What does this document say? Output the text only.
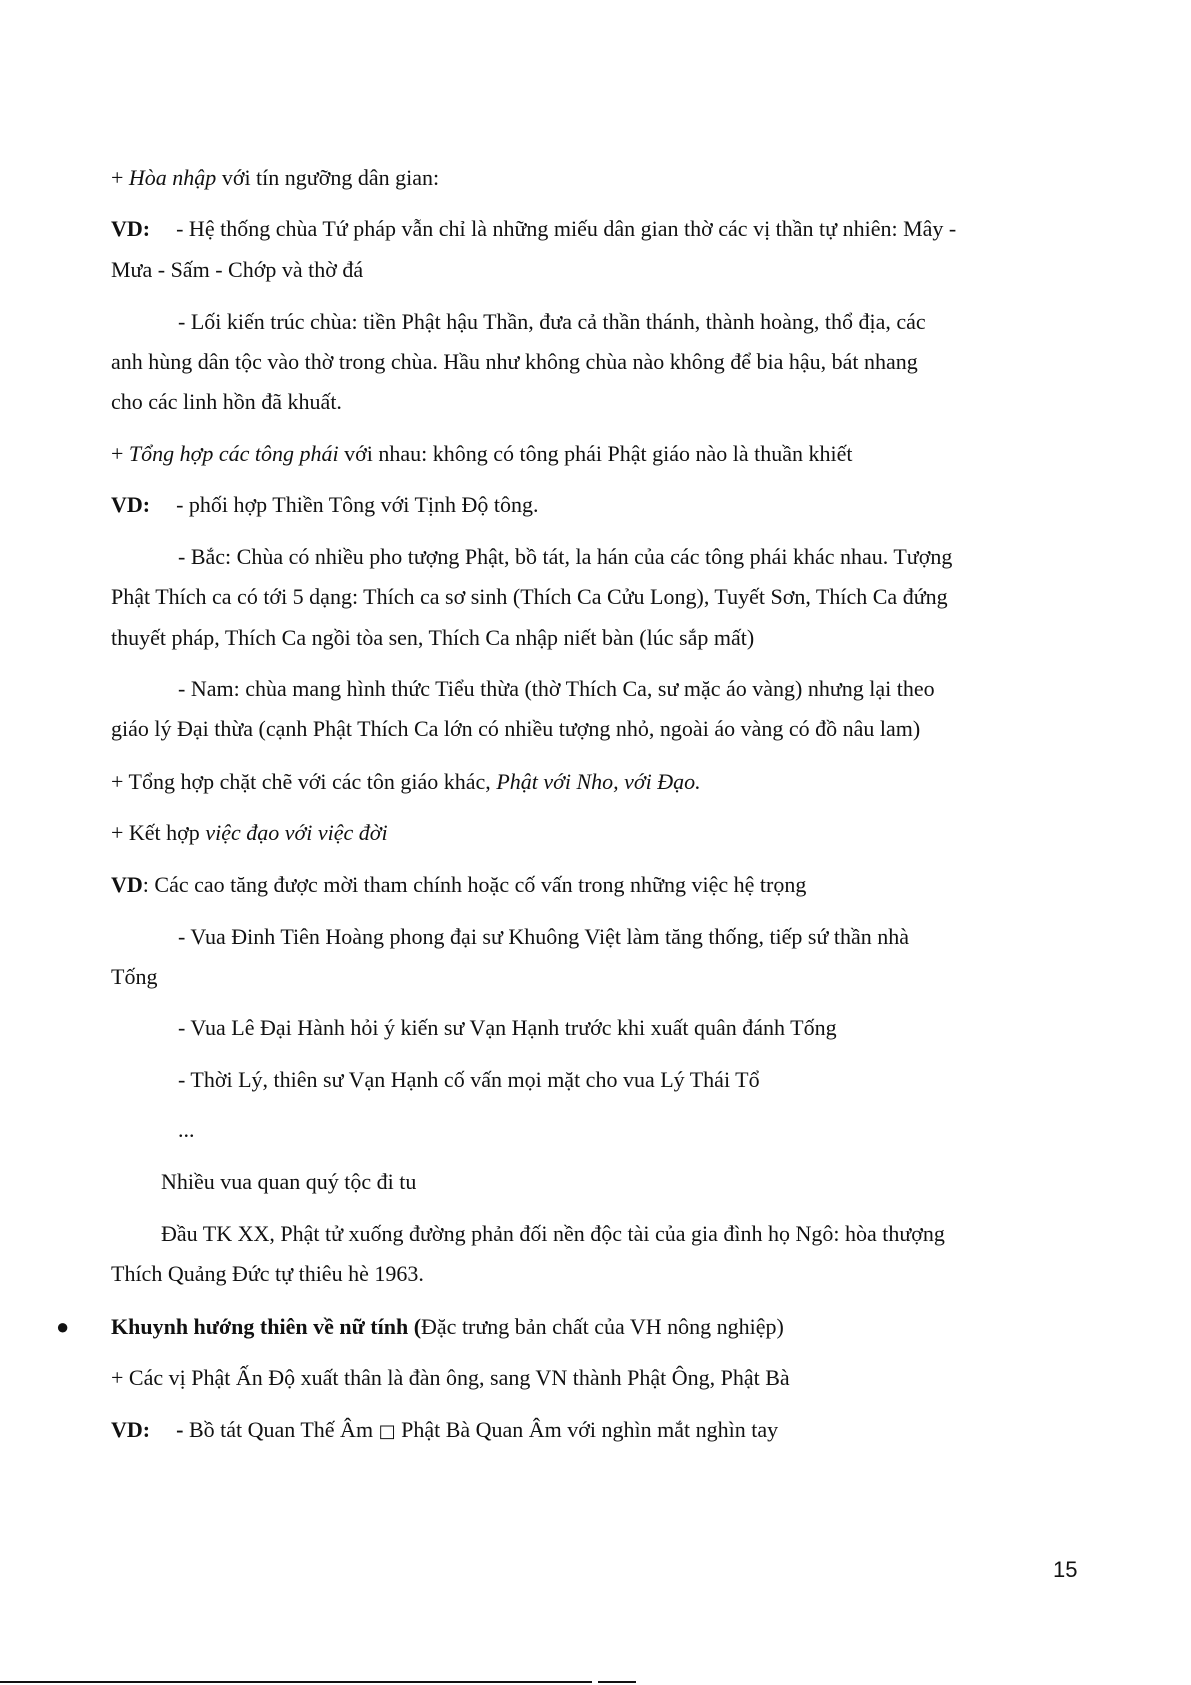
+ Hòa nhập với tín ngưỡng dân gian:
VD: - Hệ thống chùa Tứ pháp vẫn chỉ là những miếu dân gian thờ các vị thần tự nhiên: Mây -
Mưa - Sấm - Chớp và thờ đá
- Lối kiến trúc chùa: tiền Phật hậu Thần, đưa cả thần thánh, thành hoàng, thổ địa, các
anh hùng dân tộc vào thờ trong chùa. Hầu như không chùa nào không để bia hậu, bát nhang
cho các linh hồn đã khuất.
+ Tổng hợp các tông phái với nhau: không có tông phái Phật giáo nào là thuần khiết
VD: - phối hợp Thiền Tông với Tịnh Độ tông.
- Bắc: Chùa có nhiều pho tượng Phật, bồ tát, la hán của các tông phái khác nhau. Tượng
Phật Thích ca có tới 5 dạng: Thích ca sơ sinh (Thích Ca Cửu Long), Tuyết Sơn, Thích Ca đứng
thuyết pháp, Thích Ca ngồi tòa sen, Thích Ca nhập niết bàn (lúc sắp mất)
- Nam: chùa mang hình thức Tiểu thừa (thờ Thích Ca, sư mặc áo vàng) nhưng lại theo
giáo lý Đại thừa (cạnh Phật Thích Ca lớn có nhiều tượng nhỏ, ngoài áo vàng có đồ nâu lam)
+ Tổng hợp chặt chẽ với các tôn giáo khác, Phật với Nho, với Đạo.
+ Kết hợp việc đạo với việc đời
VD: Các cao tăng được mời tham chính hoặc cố vấn trong những việc hệ trọng
- Vua Đinh Tiên Hoàng phong đại sư Khuông Việt làm tăng thống, tiếp sứ thần nhà
Tống
- Vua Lê Đại Hành hỏi ý kiến sư Vạn Hạnh trước khi xuất quân đánh Tống
- Thời Lý, thiên sư Vạn Hạnh cố vấn mọi mặt cho vua Lý Thái Tổ
...
Nhiều vua quan quý tộc đi tu
Đầu TK XX, Phật tử xuống đường phản đối nền độc tài của gia đình họ Ngô: hòa thượng
Thích Quảng Đức tự thiêu hè 1963.
● Khuynh hướng thiên về nữ tính (Đặc trưng bản chất của VH nông nghiệp)
+ Các vị Phật Ấn Độ xuất thân là đàn ông, sang VN thành Phật Ông, Phật Bà
VD: - Bồ tát Quan Thế Âm □ Phật Bà Quan Âm với nghìn mắt nghìn tay
15
